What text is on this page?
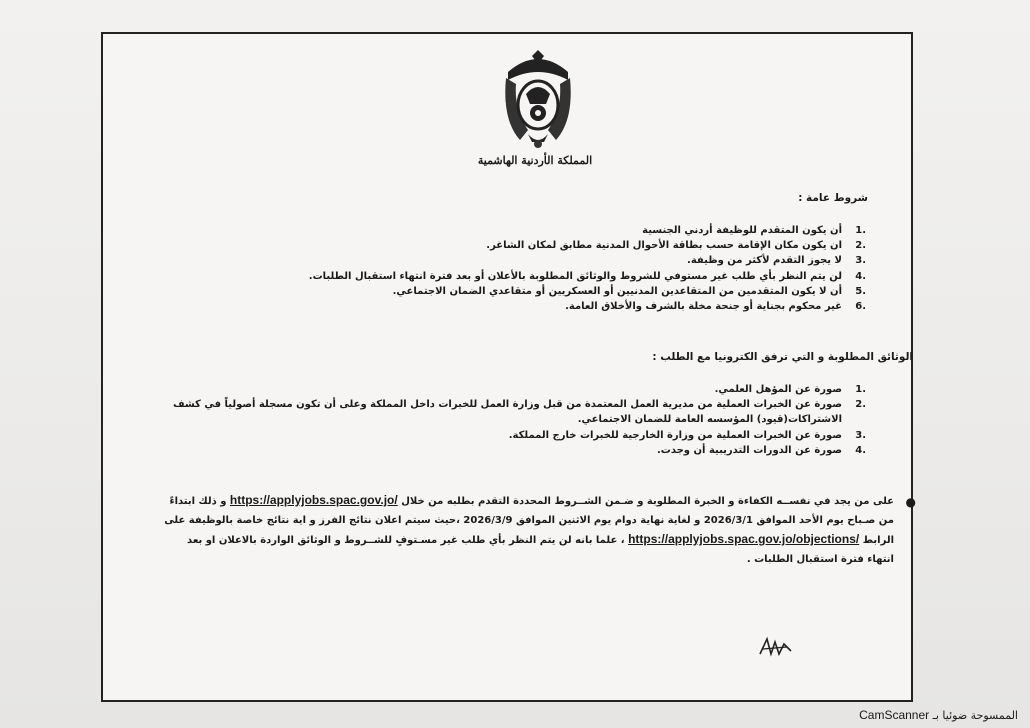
المملكة الأردنية الهاشمية
شروط عامة :
.1
أن يكون المتقدم للوظيفة أردني الجنسية
.2
ان يكون مكان الإقامة حسب بطاقة الأحوال المدنية مطابق لمكان الشاغر.
.3
لا يجوز التقدم لأكثر من وظيفة.
.4
لن يتم النظر بأي طلب غير مستوفي للشروط والوثائق المطلوبة بالأعلان أو بعد فترة انتهاء استقبال الطلبات.
.5
أن لا يكون المتقدمين من المتقاعدين المدنيين أو العسكريين أو متقاعدي الضمان الاجتماعي.
.6
غير محكوم بجناية أو جنحة مخلة بالشرف والأخلاق العامة.
الوثائق المطلوبة و التي ترفق الكترونيا مع الطلب :
.1
صورة عن المؤهل العلمي.
.2
صورة عن الخبرات العملية من مديرية العمل المعتمدة من قبل وزارة العمل للخبرات داخل المملكة وعلى أن تكون مسجلة أصولياً في كشف الاشتراكات(قيود) المؤسسه العامة للضمان الاجتماعي.
.3
صورة عن الخبرات العملية من وزارة الخارجية للخبرات خارج المملكة.
.4
صورة عن الدورات التدريبية أن وجدت.
●
على من يجد في نفســه الكفاءة و الخبرة المطلوبة و ضـمن الشــروط المحددة التقدم بطلبه من خلال https://applyjobs.spac.gov.jo/ و ذلك ابتداءً من صـباح يوم الأحد الموافق 2026/3/1 و لغاية نهاية دوام يوم الاثنين الموافق 2026/3/9 ،حيث سيتم اعلان نتائج الفرز و اية نتائج خاصة بالوظيفة على الرابط https://applyjobs.spac.gov.jo/objections/ ، علما بانه لن يتم النظر بأي طلب غير مسـتوفٍ للشــروط و الوثائق الواردة بالاعلان او بعد انتهاء فترة استقبال الطلبات .
الممسوحة ضوئيا بـ CamScanner
